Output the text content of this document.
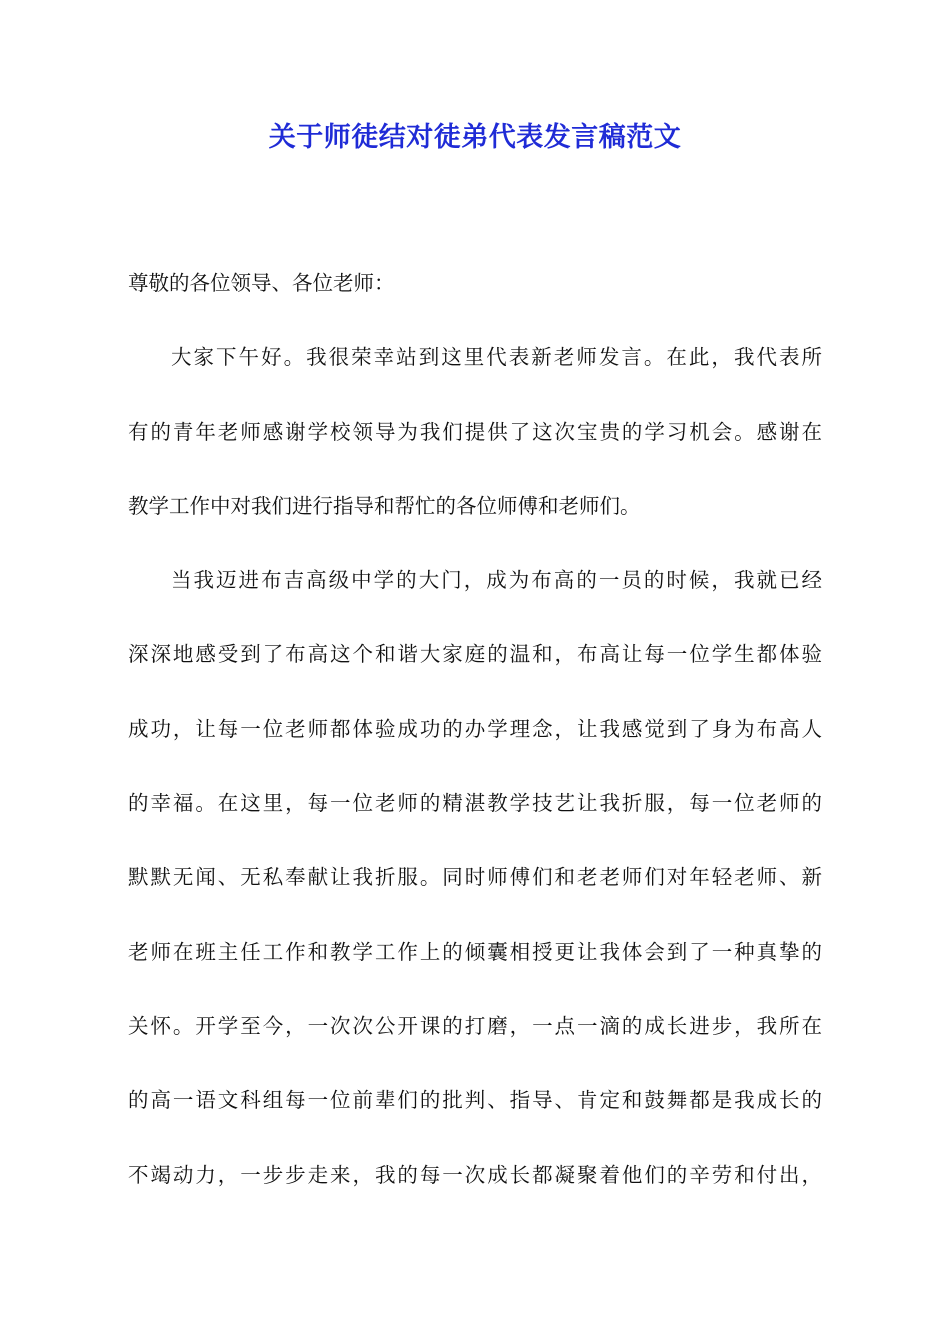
关于师徒结对徒弟代表发言稿范文
尊敬的各位领导、各位老师：
大家下午好。我很荣幸站到这里代表新老师发言。在此，我代表所
有的青年老师感谢学校领导为我们提供了这次宝贵的学习机会。感谢在
教学工作中对我们进行指导和帮忙的各位师傅和老师们。
当我迈进布吉高级中学的大门，成为布高的一员的时候，我就已经
深深地感受到了布高这个和谐大家庭的温和，布高让每一位学生都体验
成功，让每一位老师都体验成功的办学理念，让我感觉到了身为布高人
的幸福。在这里，每一位老师的精湛教学技艺让我折服，每一位老师的
默默无闻、无私奉献让我折服。同时师傅们和老老师们对年轻老师、新
老师在班主任工作和教学工作上的倾囊相授更让我体会到了一种真挚的
关怀。开学至今，一次次公开课的打磨，一点一滴的成长进步，我所在
的高一语文科组每一位前辈们的批判、指导、肯定和鼓舞都是我成长的
不竭动力，一步步走来，我的每一次成长都凝聚着他们的辛劳和付出，
